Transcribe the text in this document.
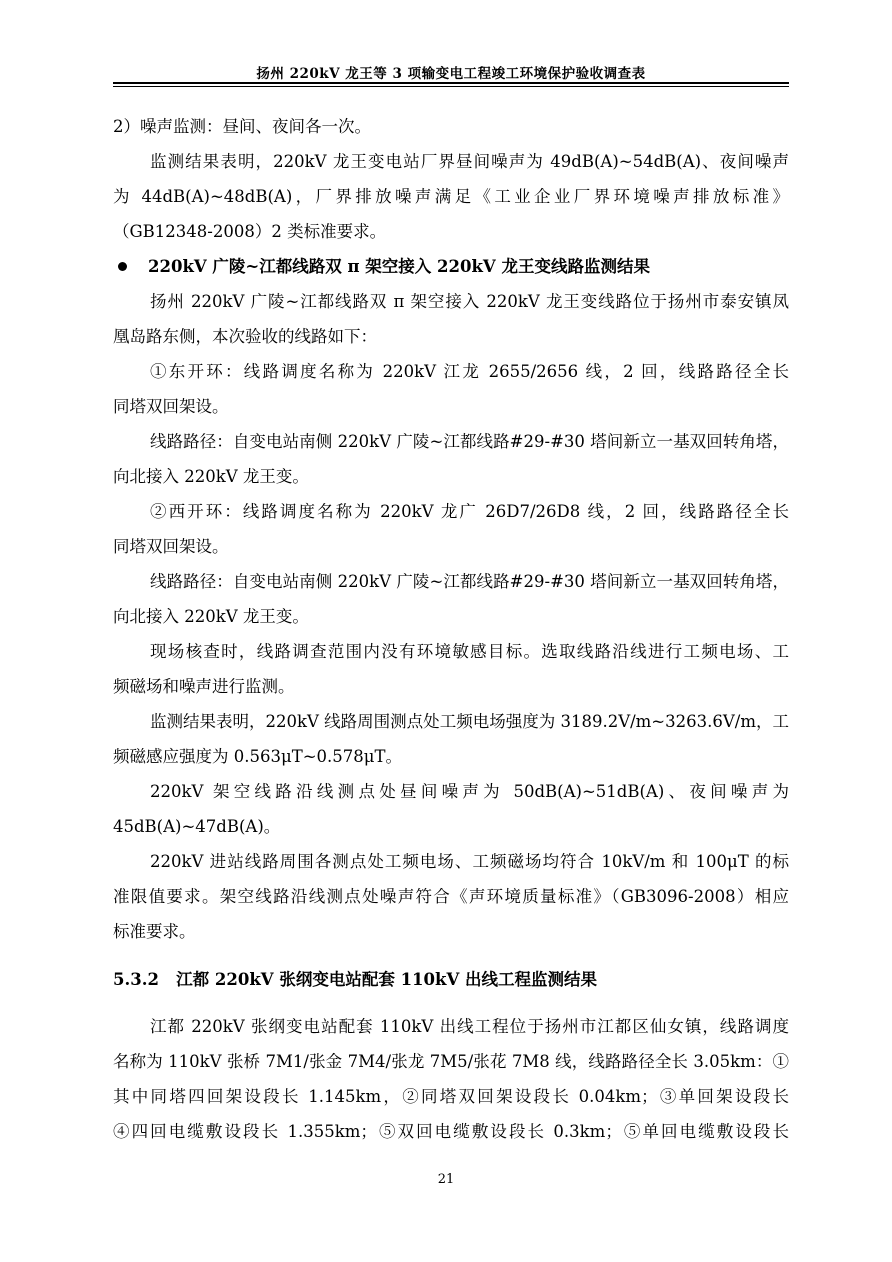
扬州 220kV 龙王等 3 项输变电工程竣工环境保护验收调查表
2）噪声监测：昼间、夜间各一次。
监测结果表明，220kV 龙王变电站厂界昼间噪声为 49dB(A)~54dB(A)、夜间噪声
为 44dB(A)~48dB(A)，厂界排放噪声满足《工业企业厂界环境噪声排放标准》
（GB12348-2008）2 类标准要求。
220kV 广陵~江都线路双 π 架空接入 220kV 龙王变线路监测结果
扬州 220kV 广陵~江都线路双 π 架空接入 220kV 龙王变线路位于扬州市泰安镇凤
凰岛路东侧，本次验收的线路如下：
①东开环：线路调度名称为 220kV 江龙 2655/2656 线，2 回，线路路径全长
同塔双回架设。
线路路径：自变电站南侧 220kV 广陵~江都线路#29-#30 塔间新立一基双回转角塔，
向北接入 220kV 龙王变。
②西开环：线路调度名称为 220kV 龙广 26D7/26D8 线，2 回，线路路径全长
同塔双回架设。
线路路径：自变电站南侧 220kV 广陵~江都线路#29-#30 塔间新立一基双回转角塔，
向北接入 220kV 龙王变。
现场核查时，线路调查范围内没有环境敏感目标。选取线路沿线进行工频电场、工
频磁场和噪声进行监测。
监测结果表明，220kV 线路周围测点处工频电场强度为 3189.2V/m~3263.6V/m，工
频磁感应强度为 0.563μT~0.578μT。
220kV 架空线路沿线测点处昼间噪声为 50dB(A)~51dB(A)、夜间噪声为
45dB(A)~47dB(A)。
220kV 进站线路周围各测点处工频电场、工频磁场均符合 10kV/m 和 100μT 的标
准限值要求。架空线路沿线测点处噪声符合《声环境质量标准》（GB3096-2008）相应
标准要求。
5.3.2   江都 220kV 张纲变电站配套 110kV 出线工程监测结果
江都 220kV 张纲变电站配套 110kV 出线工程位于扬州市江都区仙女镇，线路调度
名称为 110kV 张桥 7M1/张金 7M4/张龙 7M5/张花 7M8 线，线路路径全长 3.05km：①
其中同塔四回架设段长 1.145km，②同塔双回架设段长 0.04km；③单回架设段长
④四回电缆敷设段长 1.355km；⑤双回电缆敷设段长 0.3km；⑤单回电缆敷设段长
21
